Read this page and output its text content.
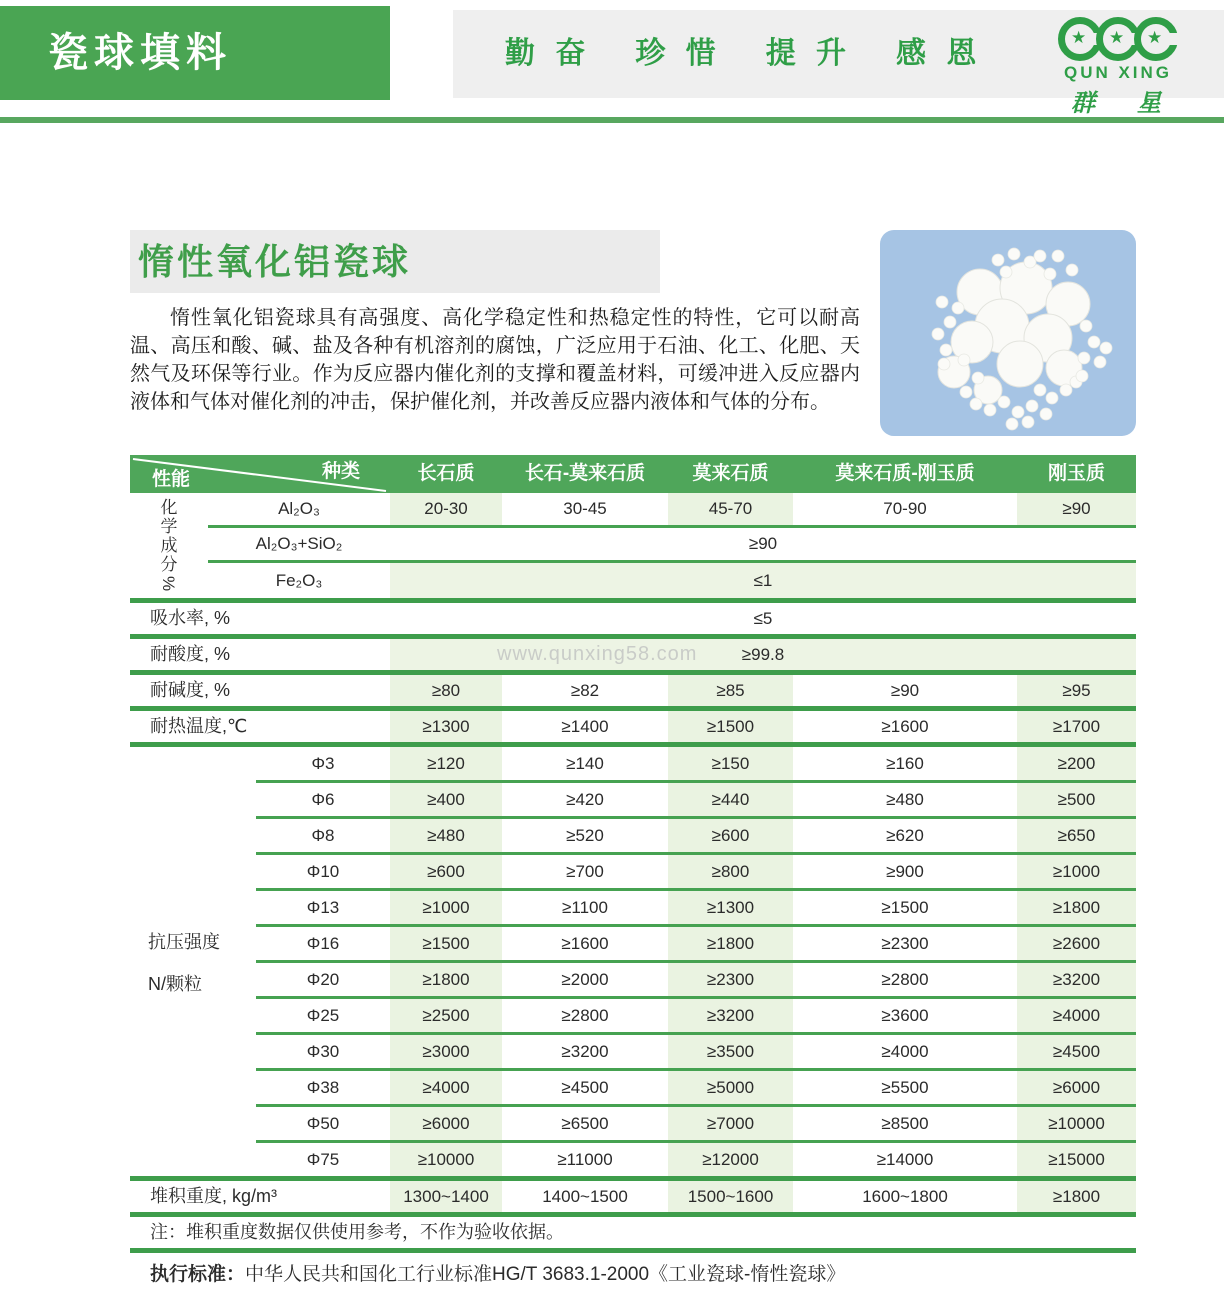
瓷球填料	勤 奋 珍 惜 提 升 感 恩	★ ★ ★
QUN XING
群 星
惰性氧化铝瓷球
惰性氧化铝瓷球具有高强度、高化学稳定性和热稳定性的特性，它可以耐高温、高压和酸、碱、盐及各种有机溶剂的腐蚀，广泛应用于石油、化工、化肥、天然气及环保等行业。作为反应器内催化剂的支撑和覆盖材料，可缓冲进入反应器内液体和气体对催化剂的冲击，保护催化剂，并改善反应器内液体和气体的分布。
www.qunxing58.com
种类
性能	长石质	长石-莫来石质	莫来石质	莫来石质-刚玉质	刚玉质
化
学
成
分
%
Al₂O₃	20-30	30-45	45-70	70-90	≥90
Al₂O₃+SiO₂	≥90
Fe₂O₃	≤1
吸水率, %	≤5
耐酸度, %	≥99.8
耐碱度, %	≥80	≥82	≥85	≥90	≥95
耐热温度,℃	≥1300	≥1400	≥1500	≥1600	≥1700
抗压强度
N/颗粒
Φ3	≥120	≥140	≥150	≥160	≥200
Φ6	≥400	≥420	≥440	≥480	≥500
Φ8	≥480	≥520	≥600	≥620	≥650
Φ10	≥600	≥700	≥800	≥900	≥1000
Φ13	≥1000	≥1100	≥1300	≥1500	≥1800
Φ16	≥1500	≥1600	≥1800	≥2300	≥2600
Φ20	≥1800	≥2000	≥2300	≥2800	≥3200
Φ25	≥2500	≥2800	≥3200	≥3600	≥4000
Φ30	≥3000	≥3200	≥3500	≥4000	≥4500
Φ38	≥4000	≥4500	≥5000	≥5500	≥6000
Φ50	≥6000	≥6500	≥7000	≥8500	≥10000
Φ75	≥10000	≥11000	≥12000	≥14000	≥15000
堆积重度, kg/m³	1300~1400	1400~1500	1500~1600	1600~1800	≥1800
注：堆积重度数据仅供使用参考，不作为验收依据。
执行标准：中华人民共和国化工行业标准HG/T 3683.1-2000《工业瓷球-惰性瓷球》
